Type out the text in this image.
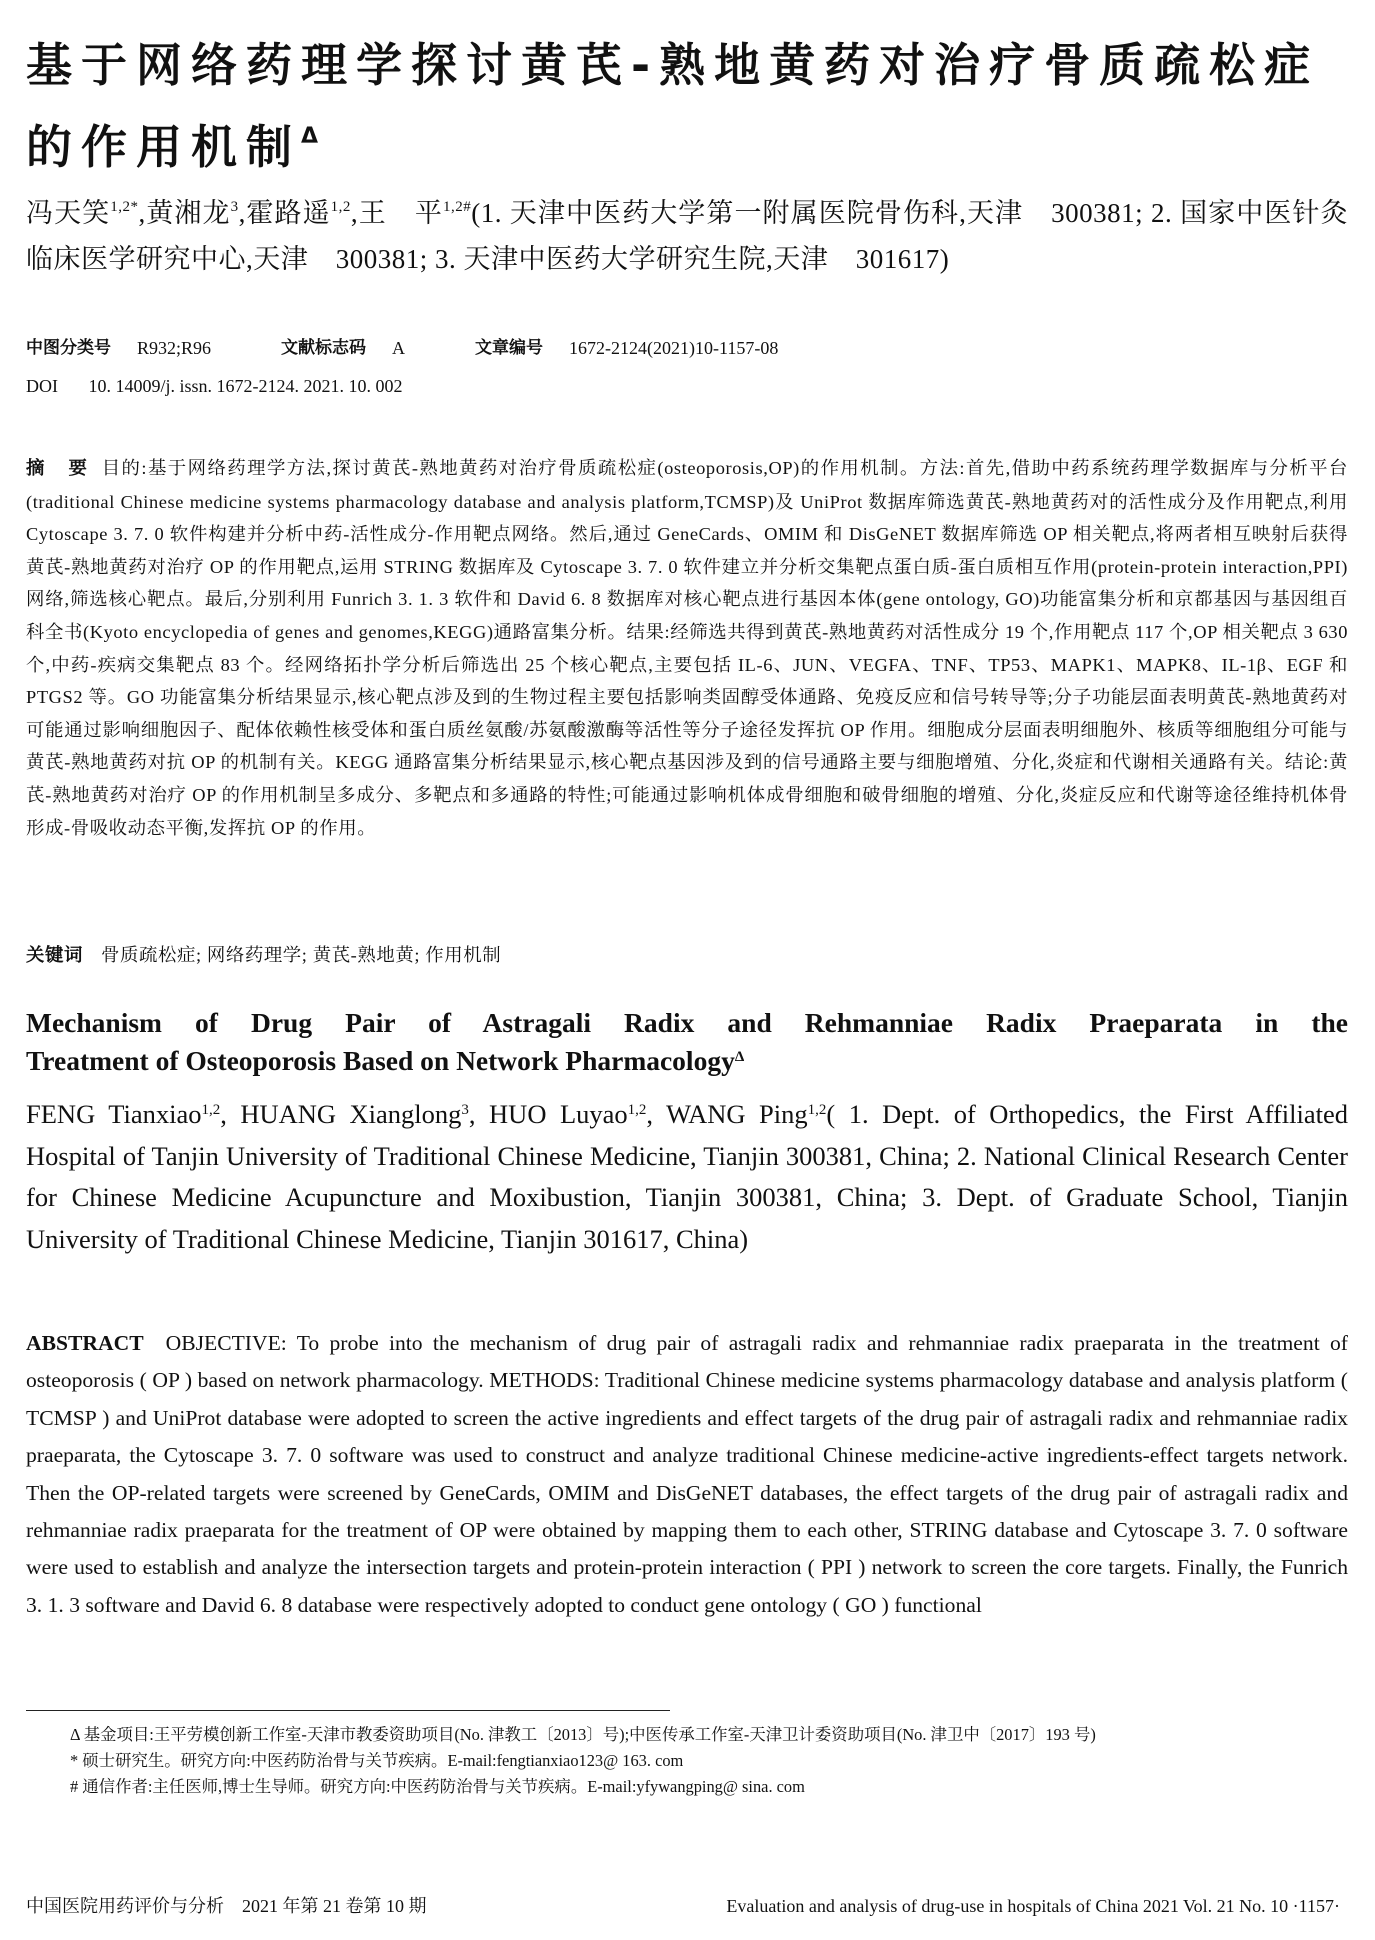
基于网络药理学探讨黄芪-熟地黄药对治疗骨质疏松症的作用机制$^\Delta$
冯天笑$^{1,2*}$,黄湘龙$^3$,霍路遥$^{1,2}$,王　平$^{1,2\#}$(1. 天津中医药大学第一附属医院骨伤科,天津　300381; 2. 国家中医针灸临床医学研究中心,天津　300381; 3. 天津中医药大学研究生院,天津　301617)
中图分类号 R932;R96	文献标志码 A	文章编号 1672-2124(2021)10-1157-08
DOI 10. 14009/j. issn. 1672-2124. 2021. 10. 002
摘 要 目的:基于网络药理学方法,探讨黄芪-熟地黄药对治疗骨质疏松症(osteoporosis,OP)的作用机制。方法:首先,借助中药系统药理学数据库与分析平台(traditional Chinese medicine systems pharmacology database and analysis platform,TCMSP)及 UniProt 数据库筛选黄芪-熟地黄药对的活性成分及作用靶点,利用 Cytoscape 3. 7. 0 软件构建并分析中药-活性成分-作用靶点网络。然后,通过 GeneCards、OMIM 和 DisGeNET 数据库筛选 OP 相关靶点,将两者相互映射后获得黄芪-熟地黄药对治疗 OP 的作用靶点,运用 STRING 数据库及 Cytoscape 3. 7. 0 软件建立并分析交集靶点蛋白质-蛋白质相互作用(protein-protein interaction,PPI)网络,筛选核心靶点。最后,分别利用 Funrich 3. 1. 3 软件和 David 6. 8 数据库对核心靶点进行基因本体(gene ontology, GO)功能富集分析和京都基因与基因组百科全书(Kyoto encyclopedia of genes and genomes,KEGG)通路富集分析。结果:经筛选共得到黄芪-熟地黄药对活性成分 19 个,作用靶点 117 个,OP 相关靶点 3 630 个,中药-疾病交集靶点 83 个。经网络拓扑学分析后筛选出 25 个核心靶点,主要包括 IL-6、JUN、VEGFA、TNF、TP53、MAPK1、MAPK8、IL-1β、EGF 和 PTGS2 等。GO 功能富集分析结果显示,核心靶点涉及到的生物过程主要包括影响类固醇受体通路、免疫反应和信号转导等;分子功能层面表明黄芪-熟地黄药对可能通过影响细胞因子、配体依赖性核受体和蛋白质丝氨酸/苏氨酸激酶等活性等分子途径发挥抗 OP 作用。细胞成分层面表明细胞外、核质等细胞组分可能与黄芪-熟地黄药对抗 OP 的机制有关。KEGG 通路富集分析结果显示,核心靶点基因涉及到的信号通路主要与细胞增殖、分化,炎症和代谢相关通路有关。结论:黄芪-熟地黄药对治疗 OP 的作用机制呈多成分、多靶点和多通路的特性;可能通过影响机体成骨细胞和破骨细胞的增殖、分化,炎症反应和代谢等途径维持机体骨形成-骨吸收动态平衡,发挥抗 OP 的作用。
关键词 骨质疏松症; 网络药理学; 黄芪-熟地黄; 作用机制
Mechanism of Drug Pair of Astragali Radix and Rehmanniae Radix Praeparata in the
Treatment of Osteoporosis Based on Network Pharmacology$^\Delta$
FENG Tianxiao$^{1,2}$, HUANG Xianglong$^3$, HUO Luyao$^{1,2}$, WANG Ping$^{1,2}$( 1. Dept. of Orthopedics, the First Affiliated Hospital of Tanjin University of Traditional Chinese Medicine, Tianjin 300381, China; 2. National Clinical Research Center for Chinese Medicine Acupuncture and Moxibustion, Tianjin 300381, China; 3. Dept. of Graduate School, Tianjin University of Traditional Chinese Medicine, Tianjin 301617, China)
ABSTRACT OBJECTIVE: To probe into the mechanism of drug pair of astragali radix and rehmanniae radix praeparata in the treatment of osteoporosis ( OP ) based on network pharmacology. METHODS: Traditional Chinese medicine systems pharmacology database and analysis platform ( TCMSP ) and UniProt database were adopted to screen the active ingredients and effect targets of the drug pair of astragali radix and rehmanniae radix praeparata, the Cytoscape 3. 7. 0 software was used to construct and analyze traditional Chinese medicine-active ingredients-effect targets network. Then the OP-related targets were screened by GeneCards, OMIM and DisGeNET databases, the effect targets of the drug pair of astragali radix and rehmanniae radix praeparata for the treatment of OP were obtained by mapping them to each other, STRING database and Cytoscape 3. 7. 0 software were used to establish and analyze the intersection targets and protein-protein interaction ( PPI ) network to screen the core targets. Finally, the Funrich 3. 1. 3 software and David 6. 8 database were respectively adopted to conduct gene ontology ( GO ) functional

Δ 基金项目:王平劳模创新工作室-天津市教委资助项目(No. 津教工〔2013〕号);中医传承工作室-天津卫计委资助项目(No. 津卫中〔2017〕193 号)

* 硕士研究生。研究方向:中医药防治骨与关节疾病。E-mail:fengtianxiao123@ 163. com

# 通信作者:主任医师,博士生导师。研究方向:中医药防治骨与关节疾病。E-mail:yfywangping@ sina. com

中国医院用药评价与分析　2021 年第 21 卷第 10 期	Evaluation and analysis of drug-use in hospitals of China 2021 Vol. 21 No. 10 ·1157·
